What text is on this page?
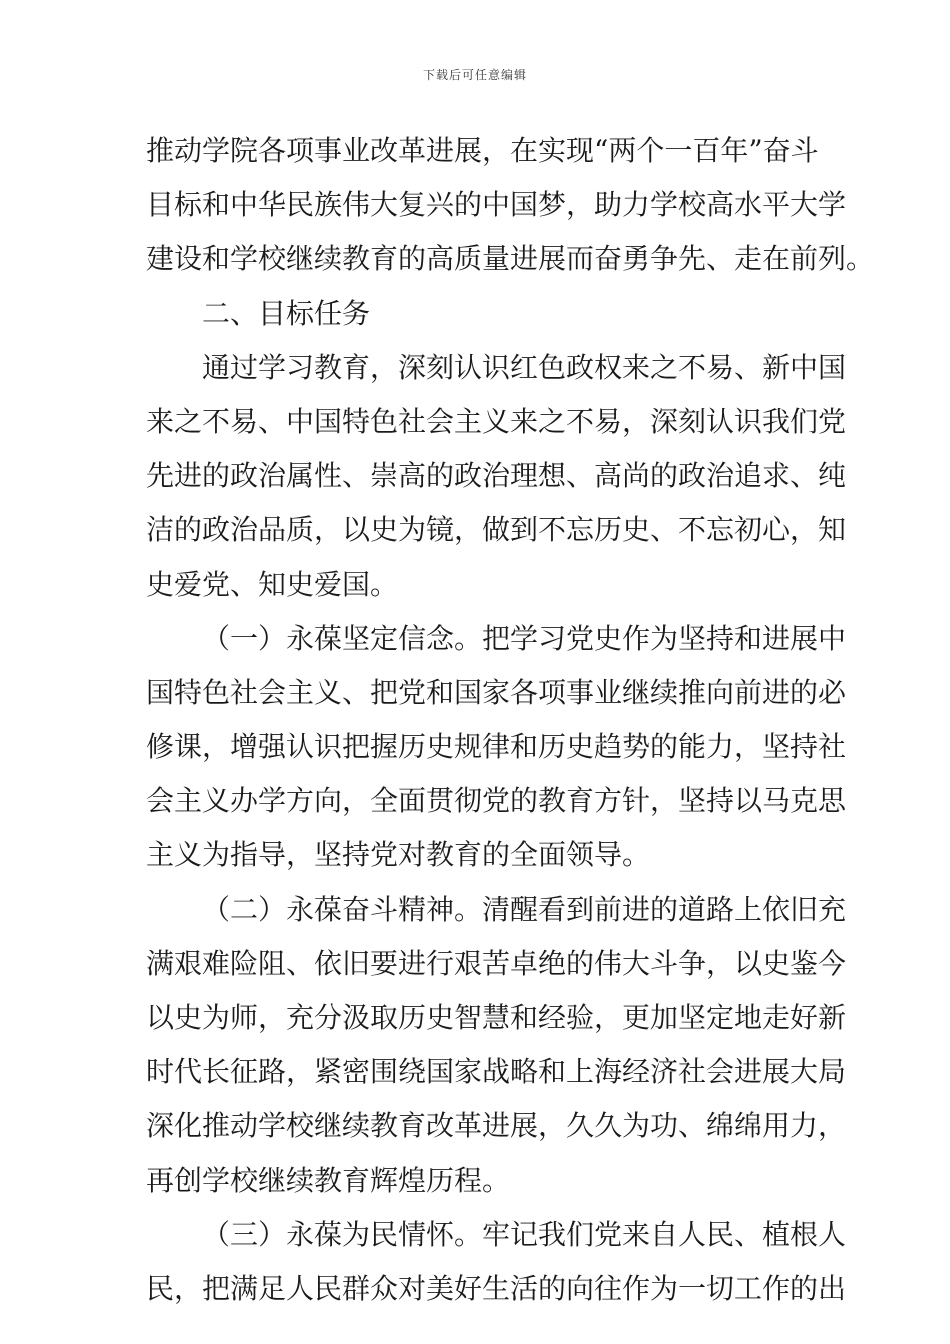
下载后可任意编辑
推动学院各项事业改革进展，在实现“两个一百年”奋斗
目标和中华民族伟大复兴的中国梦，助力学校高水平大学
建设和学校继续教育的高质量进展而奋勇争先、走在前列。
二、目标任务
通过学习教育，深刻认识红色政权来之不易、新中国
来之不易、中国特色社会主义来之不易，深刻认识我们党
先进的政治属性、崇高的政治理想、高尚的政治追求、纯
洁的政治品质，以史为镜，做到不忘历史、不忘初心，知
史爱党、知史爱国。
（一）永葆坚定信念。把学习党史作为坚持和进展中
国特色社会主义、把党和国家各项事业继续推向前进的必
修课，增强认识把握历史规律和历史趋势的能力，坚持社
会主义办学方向，全面贯彻党的教育方针，坚持以马克思
主义为指导，坚持党对教育的全面领导。
（二）永葆奋斗精神。清醒看到前进的道路上依旧充
满艰难险阻、依旧要进行艰苦卓绝的伟大斗争，以史鉴今
以史为师，充分汲取历史智慧和经验，更加坚定地走好新
时代长征路，紧密围绕国家战略和上海经济社会进展大局
深化推动学校继续教育改革进展，久久为功、绵绵用力，
再创学校继续教育辉煌历程。
（三）永葆为民情怀。牢记我们党来自人民、植根人
民，把满足人民群众对美好生活的向往作为一切工作的出
